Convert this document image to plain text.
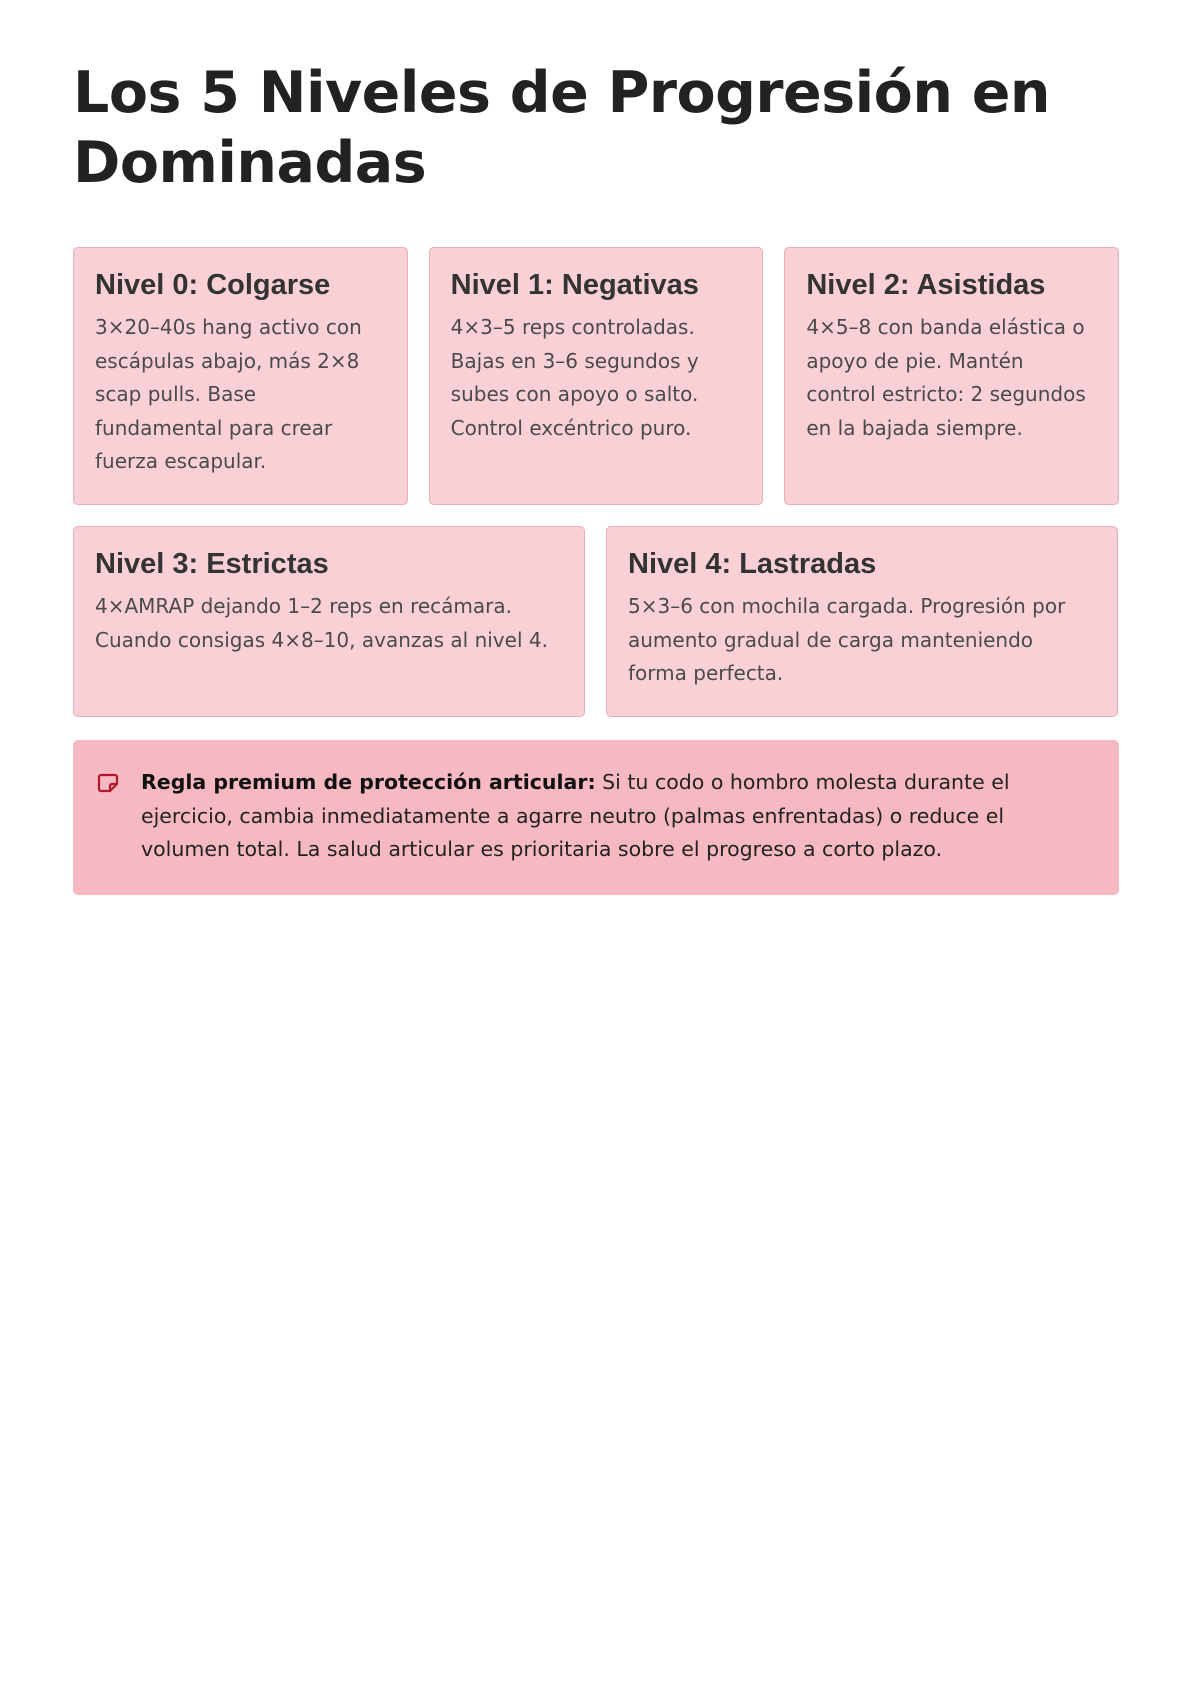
Los 5 Niveles de Progresión en Dominadas
Nivel 0: Colgarse

3×20–40s hang activo con escápulas abajo, más 2×8 scap pulls. Base fundamental para crear fuerza escapular.

Nivel 1: Negativas

4×3–5 reps controladas. Bajas en 3–6 segundos y subes con apoyo o salto. Control excéntrico puro.

Nivel 2: Asistidas

4×5–8 con banda elástica o apoyo de pie. Mantén control estricto: 2 segundos en la bajada siempre.

Nivel 3: Estrictas

4×AMRAP dejando 1–2 reps en recámara. Cuando consigas 4×8–10, avanzas al nivel 4.

Nivel 4: Lastradas

5×3–6 con mochila cargada. Progresión por aumento gradual de carga manteniendo forma perfecta.

Regla premium de protección articular: Si tu codo o hombro molesta durante el ejercicio, cambia inmediatamente a agarre neutro (palmas enfrentadas) o reduce el volumen total. La salud articular es prioritaria sobre el progreso a corto plazo.
